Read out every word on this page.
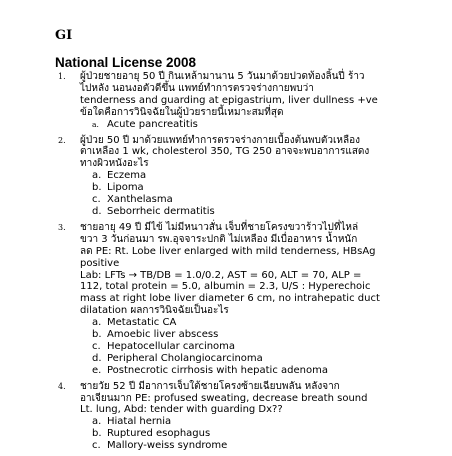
GI
National License 2008
1. ผู้ป่วยชายอายุ 50 ปี กินเหล้ามานาน 5 วันมาด้วยปวดท้องลิ้นปี่ ร้าว
ไปหลัง นอนงอตัวดีขึ้น แพทย์ทำการตรวจร่างกายพบว่า
tenderness and guarding at epigastrium, liver dullness +ve
ข้อใดคือการวินิจฉัยในผู้ป่วยรายนี้เหมาะสมที่สุด
a. Acute pancreatitis
2. ผู้ป่วย 50 ปี มาด้วยแพทย์ทำการตรวจร่างกายเบื้องต้นพบตัวเหลือง
ตาเหลือง 1 wk, cholesterol 350, TG 250 อาจจะพบอาการแสดง
ทางผิวหนังอะไร
a. Eczema
b. Lipoma
c. Xanthelasma
d. Seborrheic dermatitis
3. ชายอายุ 49 ปี มีไข้ ไม่มีหนาวสั่น เจ็บที่ชายโครงขวาร้าวไปที่ไหล่
ขวา 3 วันก่อนมา รพ.อุจจาระปกติ ไม่เหลือง มีเบื่ออาหาร น้ำหนัก
ลด PE: Rt. Lobe liver enlarged with mild tenderness, HBsAg
positive
Lab: LFTs → TB/DB = 1.0/0.2, AST = 60, ALT = 70, ALP =
112, total protein = 5.0, albumin = 2.3, U/S : Hyperechoic
mass at right lobe liver diameter 6 cm, no intrahepatic duct
dilatation ผลการวินิจฉัยเป็นอะไร
a. Metastatic CA
b. Amoebic liver abscess
c. Hepatocellular carcinoma
d. Peripheral Cholangiocarcinoma
e. Postnecrotic cirrhosis with hepatic adenoma
4. ชายวัย 52 ปี มีอาการเจ็บใต้ชายโครงซ้ายเฉียบพลัน หลังจาก
อาเจียนมาก PE: profused sweating, decrease breath sound
Lt. lung, Abd: tender with guarding Dx??
a. Hiatal hernia
b. Ruptured esophagus
c. Mallory-weiss syndrome
